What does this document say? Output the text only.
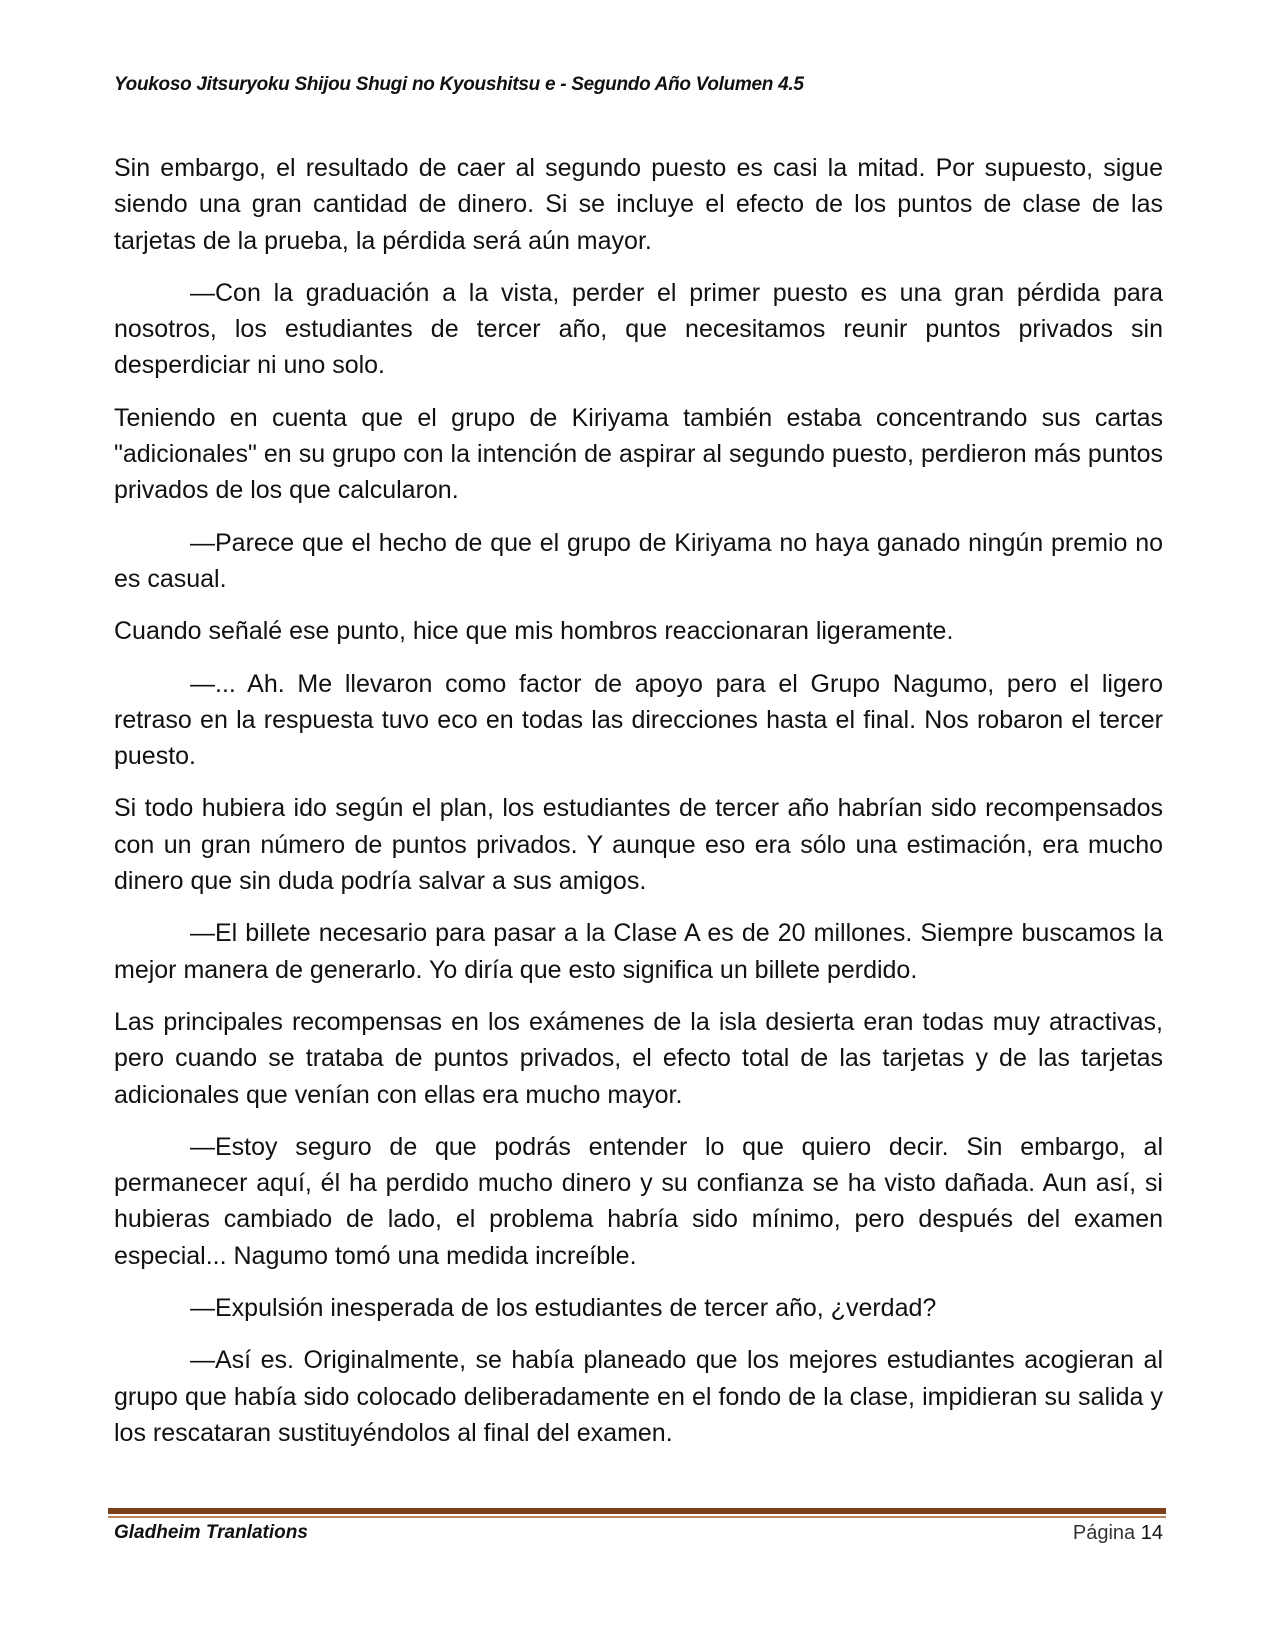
Youkoso Jitsuryoku Shijou Shugi no Kyoushitsu e - Segundo Año Volumen 4.5

Sin embargo, el resultado de caer al segundo puesto es casi la mitad. Por supuesto, sigue siendo una gran cantidad de dinero. Si se incluye el efecto de los puntos de clase de las tarjetas de la prueba, la pérdida será aún mayor.

—Con la graduación a la vista, perder el primer puesto es una gran pérdida para nosotros, los estudiantes de tercer año, que necesitamos reunir puntos privados sin desperdiciar ni uno solo.

Teniendo en cuenta que el grupo de Kiriyama también estaba concentrando sus cartas "adicionales" en su grupo con la intención de aspirar al segundo puesto, perdieron más puntos privados de los que calcularon.

—Parece que el hecho de que el grupo de Kiriyama no haya ganado ningún premio no es casual.

Cuando señalé ese punto, hice que mis hombros reaccionaran ligeramente.

—... Ah. Me llevaron como factor de apoyo para el Grupo Nagumo, pero el ligero retraso en la respuesta tuvo eco en todas las direcciones hasta el final. Nos robaron el tercer puesto.

Si todo hubiera ido según el plan, los estudiantes de tercer año habrían sido recompensados con un gran número de puntos privados. Y aunque eso era sólo una estimación, era mucho dinero que sin duda podría salvar a sus amigos.

—El billete necesario para pasar a la Clase A es de 20 millones. Siempre buscamos la mejor manera de generarlo. Yo diría que esto significa un billete perdido.

Las principales recompensas en los exámenes de la isla desierta eran todas muy atractivas, pero cuando se trataba de puntos privados, el efecto total de las tarjetas y de las tarjetas adicionales que venían con ellas era mucho mayor.

—Estoy seguro de que podrás entender lo que quiero decir. Sin embargo, al permanecer aquí, él ha perdido mucho dinero y su confianza se ha visto dañada. Aun así, si hubieras cambiado de lado, el problema habría sido mínimo, pero después del examen especial... Nagumo tomó una medida increíble.

—Expulsión inesperada de los estudiantes de tercer año, ¿verdad?

—Así es. Originalmente, se había planeado que los mejores estudiantes acogieran al grupo que había sido colocado deliberadamente en el fondo de la clase, impidieran su salida y los rescataran sustituyéndolos al final del examen.

Gladheim Tranlations	Página 14
